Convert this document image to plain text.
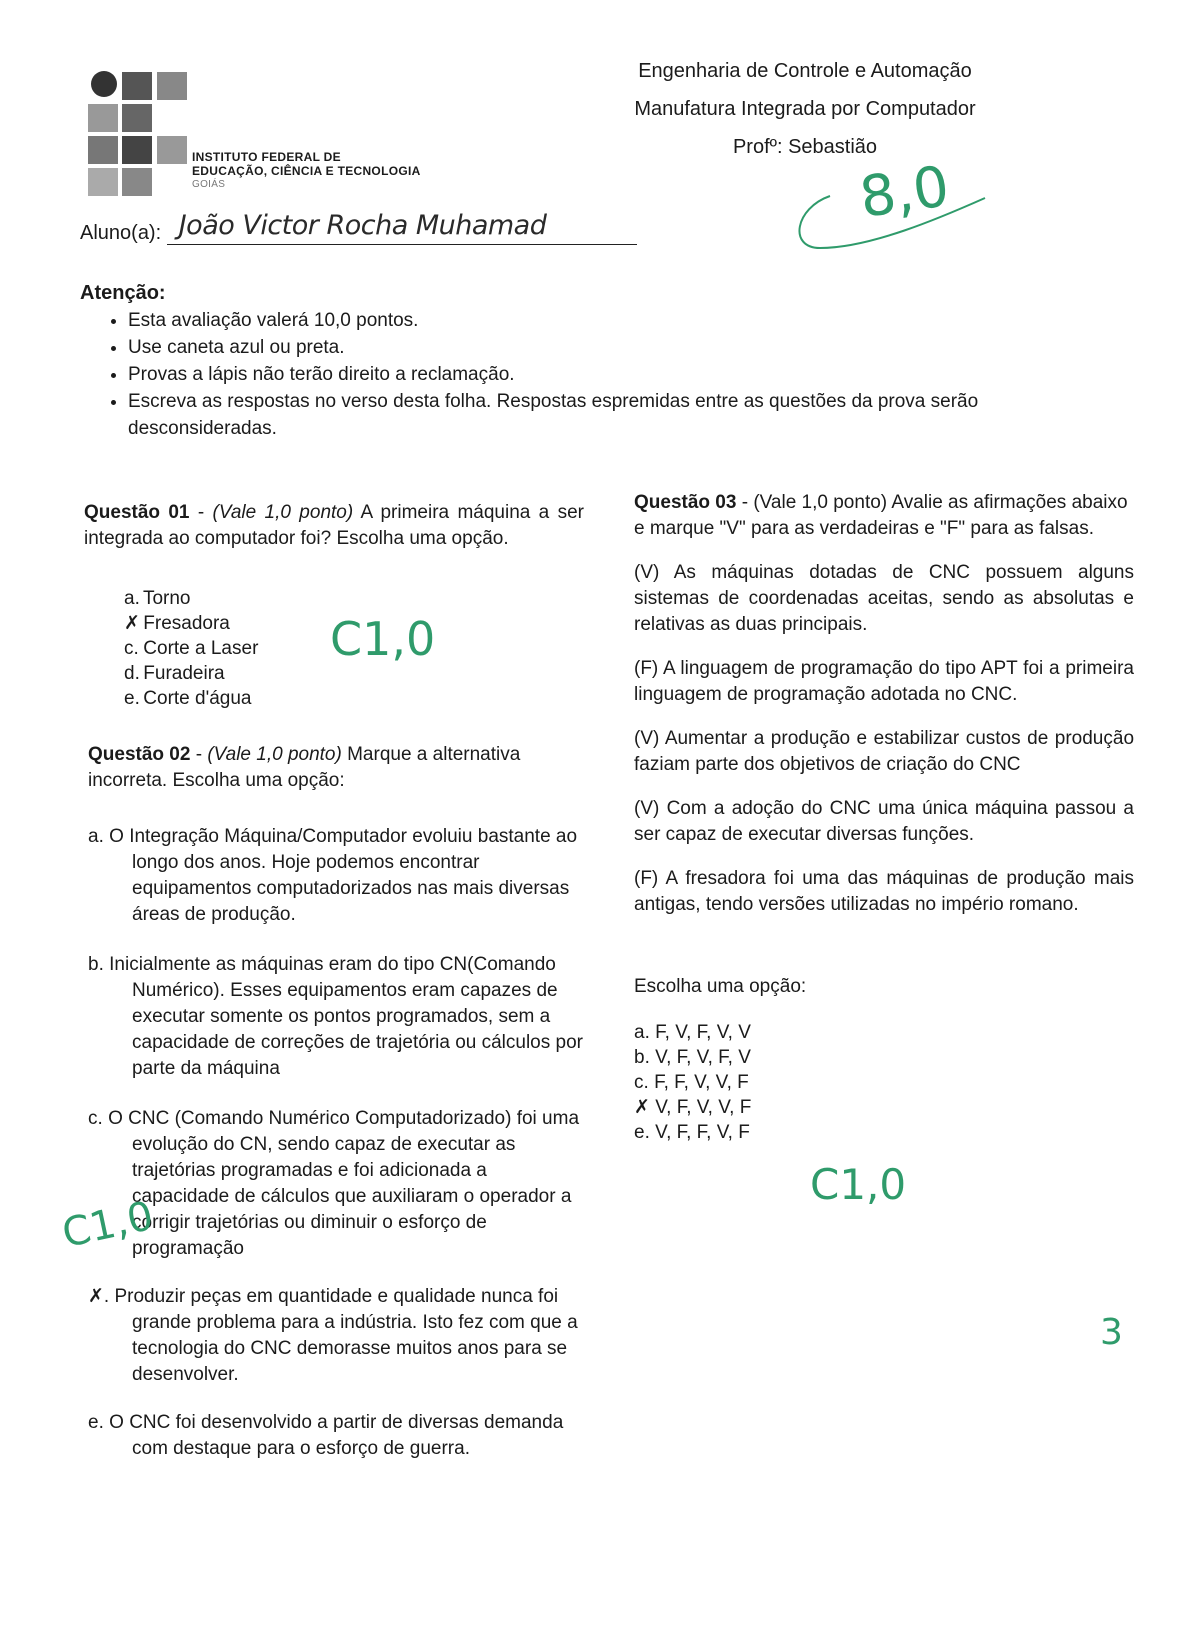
INSTITUTO FEDERAL DE
EDUCAÇÃO, CIÊNCIA E TECNOLOGIA
GOIÁS
Engenharia de Controle e Automação
Manufatura Integrada por Computador
Profº: Sebastião
Aluno(a): João Victor Rocha Muhamad	8,0
Atenção:
• Esta avaliação valerá 10,0 pontos.
• Use caneta azul ou preta.
• Provas a lápis não terão direito a reclamação.
• Escreva as respostas no verso desta folha. Respostas espremidas entre as questões da prova serão desconsideradas.
Questão 01 - (Vale 1,0 ponto) A primeira máquina a ser integrada ao computador foi? Escolha uma opção.
a. Torno
✗ Fresadora
c. Corte a Laser
d. Furadeira
e. Corte d'água
C1,0
Questão 02 - (Vale 1,0 ponto) Marque a alternativa incorreta. Escolha uma opção:
a. O Integração Máquina/Computador evoluiu bastante ao longo dos anos. Hoje podemos encontrar equipamentos computadorizados nas mais diversas áreas de produção.
b. Inicialmente as máquinas eram do tipo CN(Comando Numérico). Esses equipamentos eram capazes de executar somente os pontos programados, sem a capacidade de correções de trajetória ou cálculos por parte da máquina
c. O CNC (Comando Numérico Computadorizado) foi uma evolução do CN, sendo capaz de executar as trajetórias programadas e foi adicionada a capacidade de cálculos que auxiliaram o operador a corrigir trajetórias ou diminuir o esforço de programação
✗. Produzir peças em quantidade e qualidade nunca foi grande problema para a indústria. Isto fez com que a tecnologia do CNC demorasse muitos anos para se desenvolver.
e. O CNC foi desenvolvido a partir de diversas demanda com destaque para o esforço de guerra.
C1,0
Questão 03 - (Vale 1,0 ponto) Avalie as afirmações abaixo e marque "V" para as verdadeiras e "F" para as falsas.
(V) As máquinas dotadas de CNC possuem alguns sistemas de coordenadas aceitas, sendo as absolutas e relativas as duas principais.
(F) A linguagem de programação do tipo APT foi a primeira linguagem de programação adotada no CNC.
(V) Aumentar a produção e estabilizar custos de produção faziam parte dos objetivos de criação do CNC
(V) Com a adoção do CNC uma única máquina passou a ser capaz de executar diversas funções.
(F) A fresadora foi uma das máquinas de produção mais antigas, tendo versões utilizadas no império romano.
Escolha uma opção:
a. F, V, F, V, V
b. V, F, V, F, V
c. F, F, V, V, F
✗ V, F, V, V, F
e. V, F, F, V, F
C1,0
3
